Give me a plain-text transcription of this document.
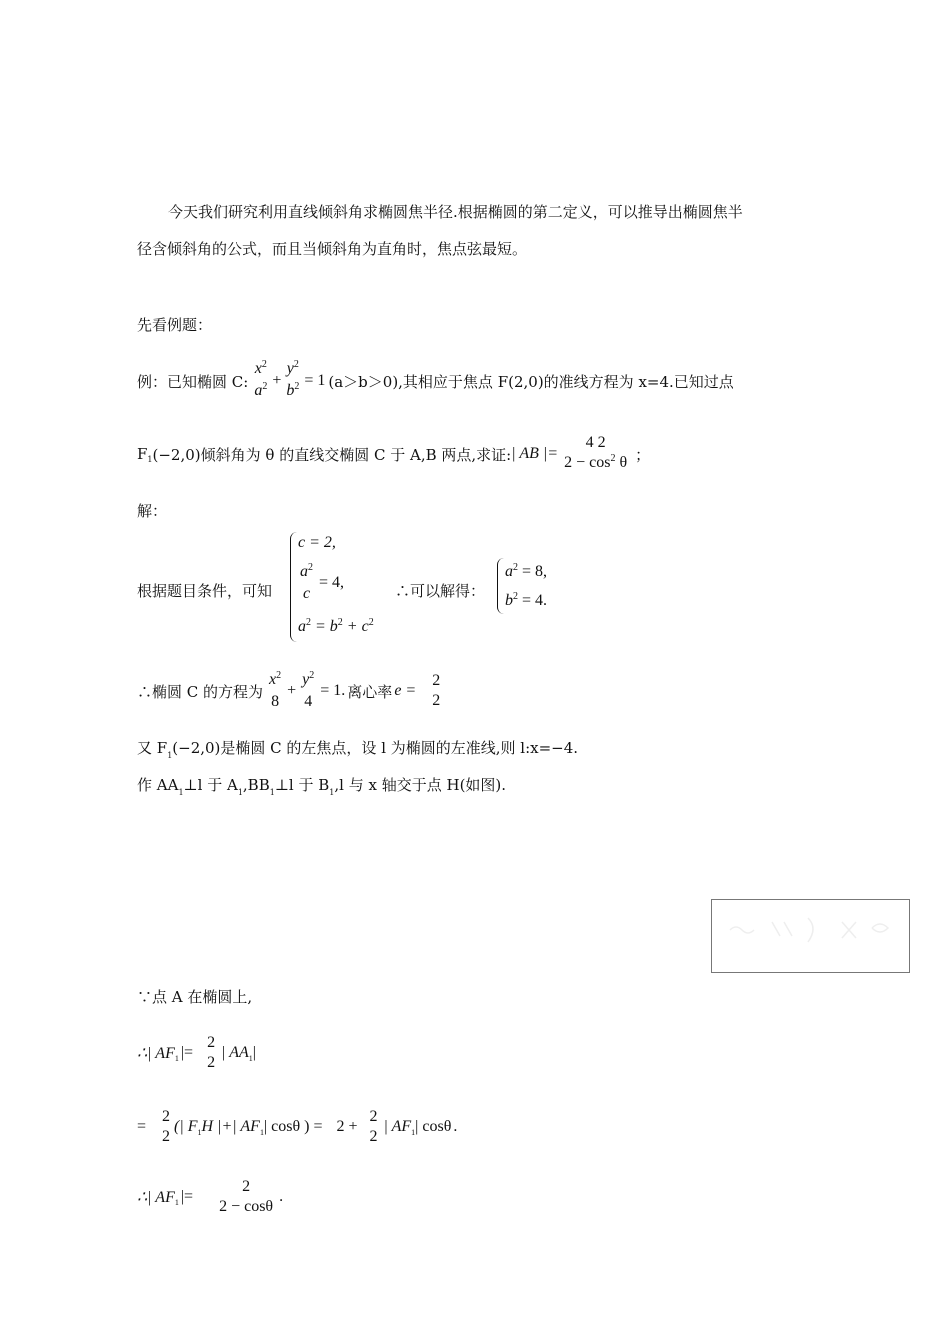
今天我们研究利用直线倾斜角求椭圆焦半径.根据椭圆的第二定义，可以推导出椭圆焦半
径含倾斜角的公式，而且当倾斜角为直角时，焦点弦最短。
先看例题：
例：已知椭圆 C:
$x^2$
$a^2$ +
$y^2$
$b^2 = 1$ (a＞b＞0),其相应于焦点 F(2,0)的准线方程为 x=4.已知过点
F 1 (−2,0)倾斜角为 θ 的直线交椭圆 C 于 A,B 两点,求证: | AB |=
4 2
$2 - \cos^2 \theta$ ；
解：
根据题目条件，可知
c = 2,
$a^2$
c
= 4,
$a^2 = b^2 + c^2$
∴可以解得：
$a^2 = 8$,
$b^2 = 4$.
∴椭圆 C 的方程为
$x^2$
8
+
$y^2$
4
= 1. 离心率 e =
2
2
又 $F_1(-2,0)$是椭圆 C 的左焦点，设 l 为椭圆的左准线,则 l:x=−4.
作 $AA_1\perp l$ 于 $A_1,BB_1\perp l$ 于 $B_1,l$ 与 x 轴交于点 H(如图).
∵点 A 在椭圆上,
∴| AF 1 |=
2
2
| AA 1 |
=
2
2
(| F 1 H |+| AF 1 | cosθ ) = 2 +
2
2
| AF 1 | cosθ .
∴| AF 1 |=
2
2 − cosθ
.
